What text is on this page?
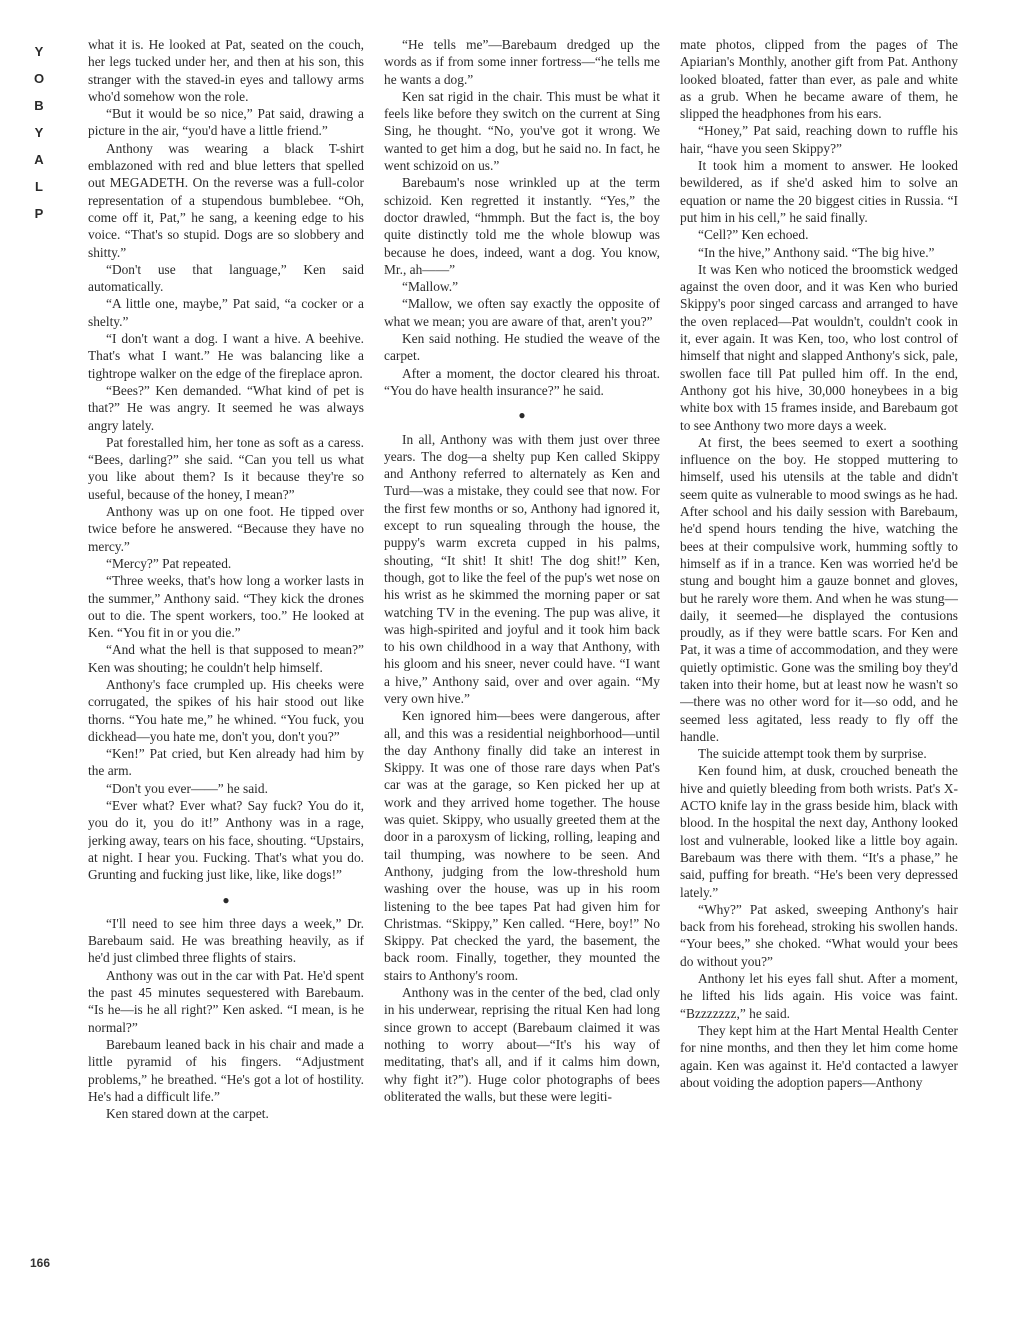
Y
O
B
Y
A
L
P

what it is. He looked at Pat, seated on the couch, her legs tucked under her, and then at his son, this stranger with the staved-in eyes and tallowy arms who'd somehow won the role.

“But it would be so nice,” Pat said, drawing a picture in the air, “you'd have a little friend.”

Anthony was wearing a black T-shirt emblazoned with red and blue letters that spelled out MEGADETH. On the reverse was a full-color representation of a stupendous bumblebee. “Oh, come off it, Pat,” he sang, a keening edge to his voice. “That's so stupid. Dogs are so slobbery and shitty.”

“Don't use that language,” Ken said automatically.

“A little one, maybe,” Pat said, “a cocker or a shelty.”

“I don't want a dog. I want a hive. A beehive. That's what I want.” He was balancing like a tightrope walker on the edge of the fireplace apron.

“Bees?” Ken demanded. “What kind of pet is that?” He was angry. It seemed he was always angry lately.

Pat forestalled him, her tone as soft as a caress. “Bees, darling?” she said. “Can you tell us what you like about them? Is it because they're so useful, because of the honey, I mean?”

Anthony was up on one foot. He tipped over twice before he answered. “Because they have no mercy.”

“Mercy?” Pat repeated.

“Three weeks, that's how long a worker lasts in the summer,” Anthony said. “They kick the drones out to die. The spent workers, too.” He looked at Ken. “You fit in or you die.”

“And what the hell is that supposed to mean?” Ken was shouting; he couldn't help himself.

Anthony's face crumpled up. His cheeks were corrugated, the spikes of his hair stood out like thorns. “You hate me,” he whined. “You fuck, you dickhead—you hate me, don't you, don't you?”

“Ken!” Pat cried, but Ken already had him by the arm.

“Don't you ever——” he said.

“Ever what? Ever what? Say fuck? You do it, you do it, you do it!” Anthony was in a rage, jerking away, tears on his face, shouting. “Upstairs, at night. I hear you. Fucking. That's what you do. Grunting and fucking just like, like, like dogs!”

●

“I'll need to see him three days a week,” Dr. Barebaum said. He was breathing heavily, as if he'd just climbed three flights of stairs.

Anthony was out in the car with Pat. He'd spent the past 45 minutes sequestered with Barebaum. “Is he—is he all right?” Ken asked. “I mean, is he normal?”

Barebaum leaned back in his chair and made a little pyramid of his fingers. “Adjustment problems,” he breathed. “He's got a lot of hostility. He's had a difficult life.”

Ken stared down at the carpet.

“He tells me”—Barebaum dredged up the words as if from some inner fortress—“he tells me he wants a dog.”

Ken sat rigid in the chair. This must be what it feels like before they switch on the current at Sing Sing, he thought. “No, you've got it wrong. We wanted to get him a dog, but he said no. In fact, he went schizoid on us.”

Barebaum's nose wrinkled up at the term schizoid. Ken regretted it instantly. “Yes,” the doctor drawled, “hmmph. But the fact is, the boy quite distinctly told me the whole blowup was because he does, indeed, want a dog. You know, Mr., ah——”

“Mallow.”

“Mallow, we often say exactly the opposite of what we mean; you are aware of that, aren't you?”

Ken said nothing. He studied the weave of the carpet.

After a moment, the doctor cleared his throat. “You do have health insurance?” he said.

●

In all, Anthony was with them just over three years. The dog—a shelty pup Ken called Skippy and Anthony referred to alternately as Ken and Turd—was a mistake, they could see that now. For the first few months or so, Anthony had ignored it, except to run squealing through the house, the puppy's warm excreta cupped in his palms, shouting, “It shit! It shit! The dog shit!” Ken, though, got to like the feel of the pup's wet nose on his wrist as he skimmed the morning paper or sat watching TV in the evening. The pup was alive, it was high-spirited and joyful and it took him back to his own childhood in a way that Anthony, with his gloom and his sneer, never could have. “I want a hive,” Anthony said, over and over again. “My very own hive.”

Ken ignored him—bees were dangerous, after all, and this was a residential neighborhood—until the day Anthony finally did take an interest in Skippy. It was one of those rare days when Pat's car was at the garage, so Ken picked her up at work and they arrived home together. The house was quiet. Skippy, who usually greeted them at the door in a paroxysm of licking, rolling, leaping and tail thumping, was nowhere to be seen. And Anthony, judging from the low-threshold hum washing over the house, was up in his room listening to the bee tapes Pat had given him for Christmas. “Skippy,” Ken called. “Here, boy!” No Skippy. Pat checked the yard, the basement, the back room. Finally, together, they mounted the stairs to Anthony's room.

Anthony was in the center of the bed, clad only in his underwear, reprising the ritual Ken had long since grown to accept (Barebaum claimed it was nothing to worry about—“It's his way of meditating, that's all, and if it calms him down, why fight it?”). Huge color photographs of bees obliterated the walls, but these were legiti-

mate photos, clipped from the pages of The Apiarian's Monthly, another gift from Pat. Anthony looked bloated, fatter than ever, as pale and white as a grub. When he became aware of them, he slipped the headphones from his ears.

“Honey,” Pat said, reaching down to ruffle his hair, “have you seen Skippy?”

It took him a moment to answer. He looked bewildered, as if she'd asked him to solve an equation or name the 20 biggest cities in Russia. “I put him in his cell,” he said finally.

“Cell?” Ken echoed.

“In the hive,” Anthony said. “The big hive.”

It was Ken who noticed the broomstick wedged against the oven door, and it was Ken who buried Skippy's poor singed carcass and arranged to have the oven replaced—Pat wouldn't, couldn't cook in it, ever again. It was Ken, too, who lost control of himself that night and slapped Anthony's sick, pale, swollen face till Pat pulled him off. In the end, Anthony got his hive, 30,000 honeybees in a big white box with 15 frames inside, and Barebaum got to see Anthony two more days a week.

At first, the bees seemed to exert a soothing influence on the boy. He stopped muttering to himself, used his utensils at the table and didn't seem quite as vulnerable to mood swings as he had. After school and his daily session with Barebaum, he'd spend hours tending the hive, watching the bees at their compulsive work, humming softly to himself as if in a trance. Ken was worried he'd be stung and bought him a gauze bonnet and gloves, but he rarely wore them. And when he was stung—daily, it seemed—he displayed the contusions proudly, as if they were battle scars. For Ken and Pat, it was a time of accommodation, and they were quietly optimistic. Gone was the smiling boy they'd taken into their home, but at least now he wasn't so—there was no other word for it—so odd, and he seemed less agitated, less ready to fly off the handle.

The suicide attempt took them by surprise.

Ken found him, at dusk, crouched beneath the hive and quietly bleeding from both wrists. Pat's X-ACTO knife lay in the grass beside him, black with blood. In the hospital the next day, Anthony looked lost and vulnerable, looked like a little boy again. Barebaum was there with them. “It's a phase,” he said, puffing for breath. “He's been very depressed lately.”

“Why?” Pat asked, sweeping Anthony's hair back from his forehead, stroking his swollen hands. “Your bees,” she choked. “What would your bees do without you?”

Anthony let his eyes fall shut. After a moment, he lifted his lids again. His voice was faint. “Bzzzzzzz,” he said.

They kept him at the Hart Mental Health Center for nine months, and then they let him come home again. Ken was against it. He'd contacted a lawyer about voiding the adoption papers—Anthony

166
